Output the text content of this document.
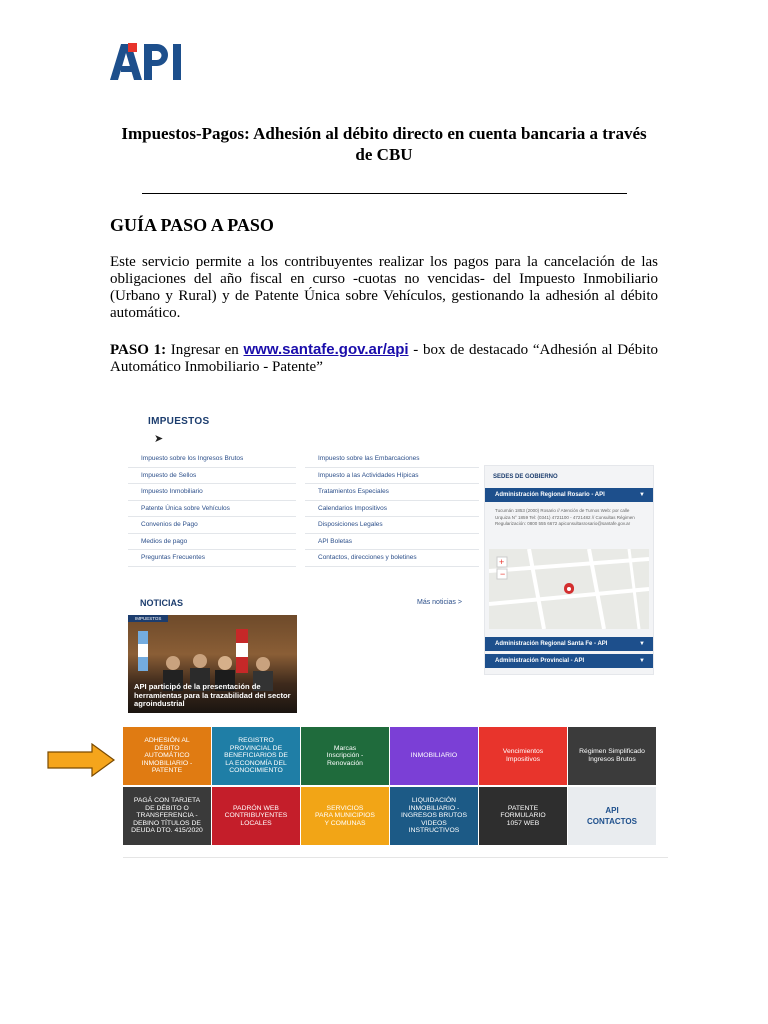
Impuestos-Pagos: Adhesión al débito directo en cuenta bancaria a través de CBU
GUÍA PASO A PASO
Este servicio permite a los contribuyentes realizar los pagos para la cancelación de las obligaciones del año fiscal en curso -cuotas no vencidas- del Impuesto Inmobiliario (Urbano y Rural) y de Patente Única sobre Vehículos, gestionando la adhesión al débito automático.
PASO 1: Ingresar en www.santafe.gov.ar/api - box de destacado “Adhesión al Débito Automático Inmobiliario - Patente”
IMPUESTOS
➤
Impuesto sobre los Ingresos Brutos
Impuesto de Sellos
Impuesto Inmobiliario
Patente Única sobre Vehículos
Convenios de Pago
Medios de pago
Preguntas Frecuentes
Impuesto sobre las Embarcaciones
Impuesto a las Actividades Hípicas
Tratamientos Especiales
Calendarios Impositivos
Disposiciones Legales
API Boletas
Contactos, direcciones y boletines
SEDES DE GOBIERNO
Administración Regional Rosario - API	▼
Tucumán 1853 (2000) Rosario // Atención de Turnos Web: por calle Urquiza N° 1859 Tel: (0341) 4721100 - 4721482 // Consultas Régimen Regularización: 0800 555 6672 apiconsultasrosario@santafe.gov.ar
+
−
Administración Regional Santa Fe - API	▼
Administración Provincial - API	▼
NOTICIAS	Más noticias >
IMPUESTOS
API participó de la presentación de herramientas para la trazabilidad del sector agroindustrial
ADHESIÓN AL
DÉBITO
AUTOMÁTICO
INMOBILIARIO -
PATENTE
REGISTRO
PROVINCIAL DE
BENEFICIARIOS DE
LA ECONOMÍA DEL
CONOCIMIENTO
Marcas
Inscripción -
Renovación
INMOBILIARIO
Vencimientos
Impositivos
Régimen Simplificado
Ingresos Brutos
PAGÁ CON TARJETA
DE DÉBITO O
TRANSFERENCIA -
DEBINO TÍTULOS DE
DEUDA DTO. 415/2020
PADRÓN WEB
CONTRIBUYENTES
LOCALES
SERVICIOS
PARA MUNICIPIOS
Y COMUNAS
LIQUIDACIÓN
INMOBILIARIO -
INGRESOS BRUTOS
VIDEOS
INSTRUCTIVOS
PATENTE
FORMULARIO
1057 WEB
API
CONTACTOS
